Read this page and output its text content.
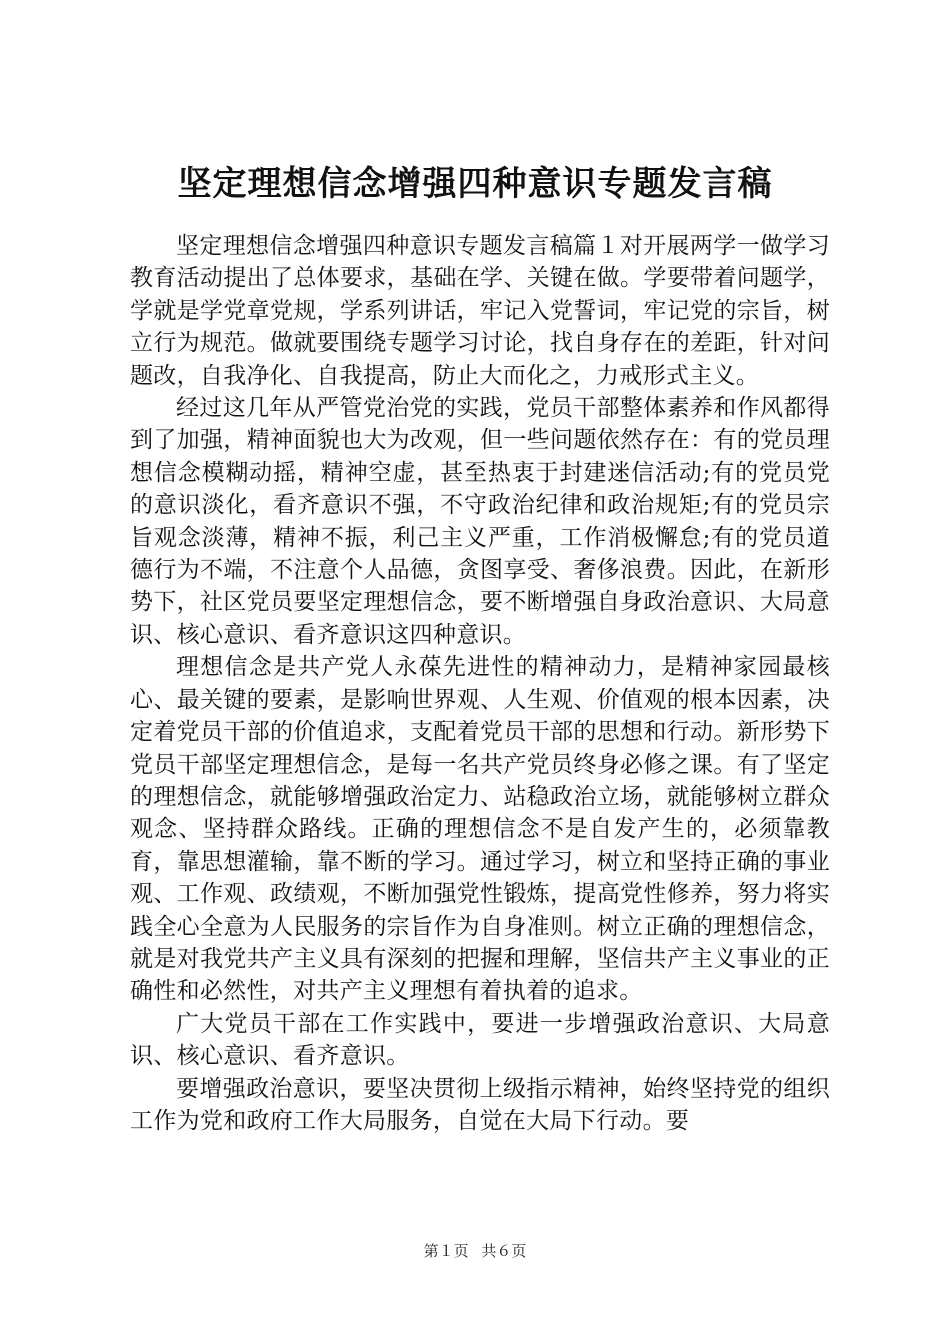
坚定理想信念增强四种意识专题发言稿

坚定理想信念增强四种意识专题发言稿篇１对开展两学一做学习教育活动提出了总体要求，基础在学、关键在做。学要带着问题学，学就是学党章党规，学系列讲话，牢记入党誓词，牢记党的宗旨，树立行为规范。做就要围绕专题学习讨论，找自身存在的差距，针对问题改，自我净化、自我提高，防止大而化之，力戒形式主义。

经过这几年从严管党治党的实践，党员干部整体素养和作风都得到了加强，精神面貌也大为改观，但一些问题依然存在：有的党员理想信念模糊动摇，精神空虚，甚至热衷于封建迷信活动;有的党员党的意识淡化，看齐意识不强，不守政治纪律和政治规矩;有的党员宗旨观念淡薄，精神不振，利己主义严重，工作消极懈怠;有的党员道德行为不端，不注意个人品德，贪图享受、奢侈浪费。因此，在新形势下，社区党员要坚定理想信念，要不断增强自身政治意识、大局意识、核心意识、看齐意识这四种意识。

理想信念是共产党人永葆先进性的精神动力，是精神家园最核心、最关键的要素，是影响世界观、人生观、价值观的根本因素，决定着党员干部的价值追求，支配着党员干部的思想和行动。新形势下党员干部坚定理想信念，是每一名共产党员终身必修之课。有了坚定的理想信念，就能够增强政治定力、站稳政治立场，就能够树立群众观念、坚持群众路线。正确的理想信念不是自发产生的，必须靠教育，靠思想灌输，靠不断的学习。通过学习，树立和坚持正确的事业观、工作观、政绩观，不断加强党性锻炼，提高党性修养，努力将实践全心全意为人民服务的宗旨作为自身准则。树立正确的理想信念，就是对我党共产主义具有深刻的把握和理解，坚信共产主义事业的正确性和必然性，对共产主义理想有着执着的追求。

广大党员干部在工作实践中，要进一步增强政治意识、大局意识、核心意识、看齐意识。

要增强政治意识，要坚决贯彻上级指示精神，始终坚持党的组织工作为党和政府工作大局服务，自觉在大局下行动。要

第１页 共６页
